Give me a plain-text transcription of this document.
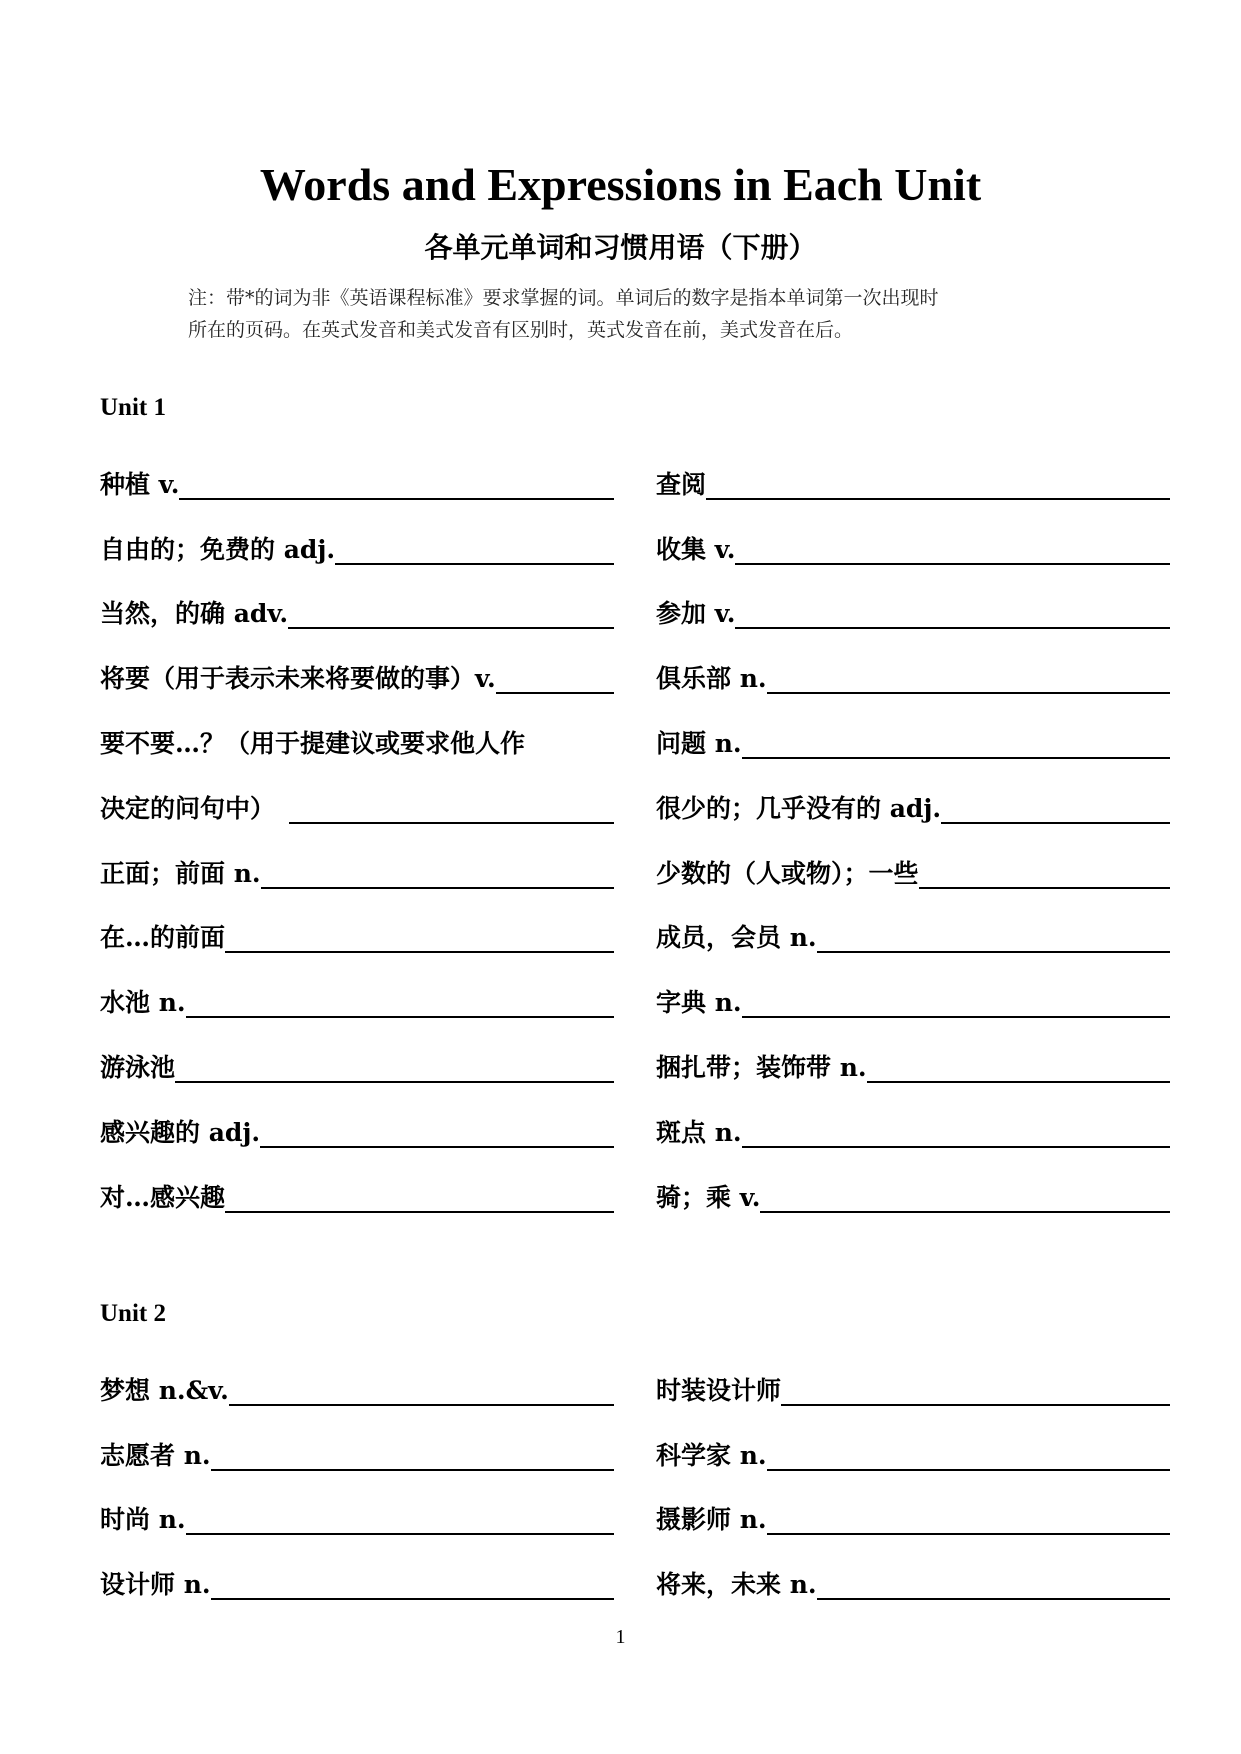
Words and Expressions in Each Unit
各单元单词和习惯用语（下册）

注：带*的词为非《英语课程标准》要求掌握的词。单词后的数字是指本单词第一次出现时
所在的页码。在英式发音和美式发音有区别时，英式发音在前，美式发音在后。

Unit 1
种植 v.
自由的；免费的 adj.
当然，的确 adv.
将要（用于表示未来将要做的事）v.
要不要…？（用于提建议或要求他人作
决定的问句中）
正面；前面 n.
在…的前面
水池 n.
游泳池
感兴趣的 adj.
对…感兴趣
查阅
收集 v.
参加 v.
俱乐部 n.
问题 n.
很少的；几乎没有的 adj.
少数的（人或物）；一些
成员，会员 n.
字典 n.
捆扎带；装饰带 n.
斑点 n.
骑；乘 v.
Unit 2
梦想 n.&v.
志愿者 n.
时尚 n.
设计师 n.
时装设计师
科学家 n.
摄影师 n.
将来，未来 n.
1
